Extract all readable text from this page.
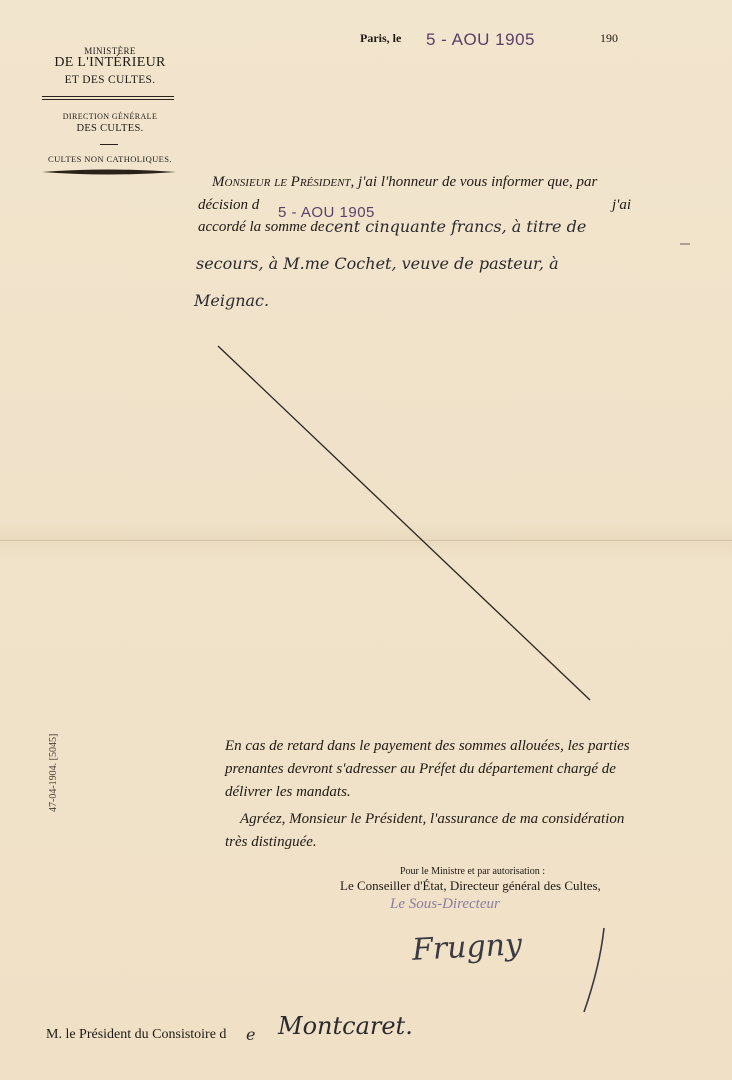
MINISTÈRE
DE L'INTÉRIEUR
ET DES CULTES.
DIRECTION GÉNÉRALE
DES CULTES.
CULTES NON CATHOLIQUES.
Paris, le 5 - AOU 1905	190
Monsieur le Président, j'ai l'honneur de vous informer que, par
décision d 5 - AOU 1905	j'ai
accordé la somme de cent cinquante francs, à titre de
secours, à M.me Cochet, veuve de pasteur, à
Meignac.
47-04-1904. [5045]	En cas de retard dans le payement des sommes allouées, les parties prenantes devront s'adresser au Préfet du département chargé de délivrer les mandats.
Agréez, Monsieur le Président, l'assurance de ma considération très distinguée.
Pour le Ministre et par autorisation :
Le Conseiller d'État, Directeur général des Cultes,
Le Sous-Directeur
Frugny
M. le Président du Consistoire d e Montcaret.
